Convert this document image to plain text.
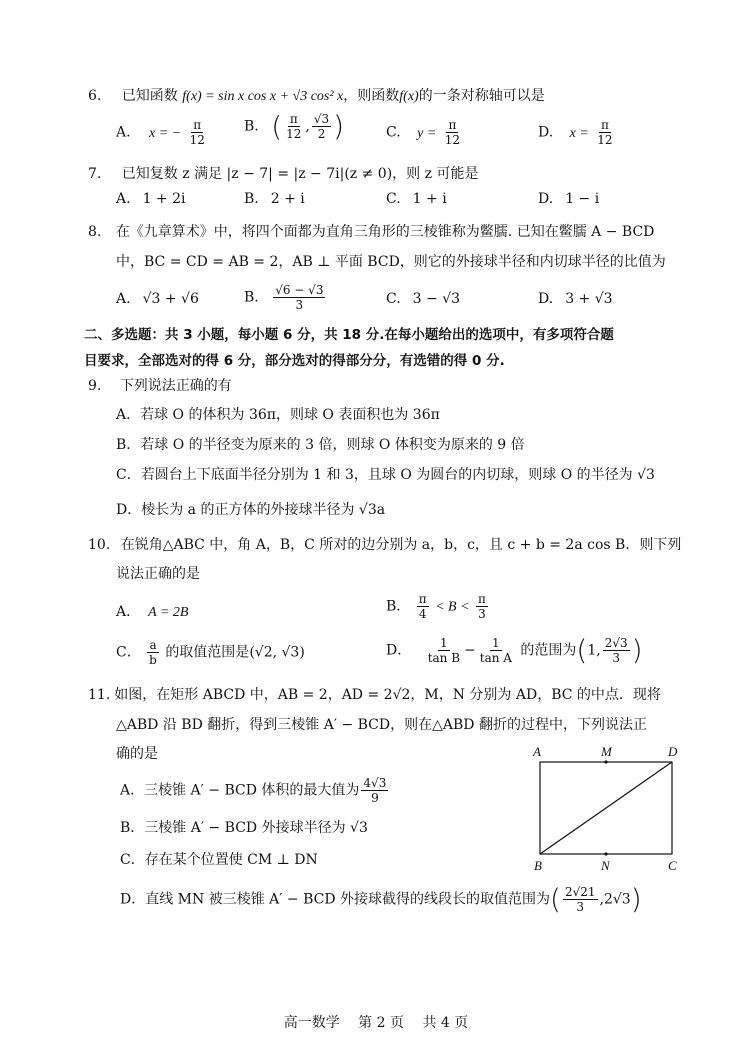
6. 已知函数 f(x) = sin x cos x + √3 cos² x，则函数f(x)的一条对称轴可以是
A. x = − $\frac{\pi}{12}$	B. ( $\frac{\pi}{12}$ , $\frac{√3}{2}$ )	C. $y = \frac{\pi}{12}$	D. $x = \frac{\pi}{12}$
7. 已知复数 z 满足 |z − 7| = |z − 7i|(z ≠ 0)，则 z 可能是
A. 1 + 2i	B. 2 + i	C. 1 + i	D. 1 − i
8. 在《九章算术》中，将四个面都为直角三角形的三棱锥称为鳖臑. 已知在鳖臑 A − BCD
中，BC = CD = AB = 2，AB ⊥ 平面 BCD，则它的外接球半径和内切球半径的比值为
A. √3 + √6	B. $\frac{√6 - √3}{3}$	C. 3 − √3	D. 3 + √3
二、多选题：共 3 小题，每小题 6 分，共 18 分.在每小题给出的选项中，有多项符合题
目要求，全部选对的得 6 分，部分选对的得部分分，有选错的得 0 分.
9. 下列说法正确的有
A．若球 O 的体积为 36π，则球 O 表面积也为 36π
B．若球 O 的半径变为原来的 3 倍，则球 O 体积变为原来的 9 倍
C．若圆台上下底面半径分别为 1 和 3，且球 O 为圆台的内切球，则球 O 的半径为 √3
D．棱长为 a 的正方体的外接球半径为 √3a
10. 在锐角△ABC 中，角 A，B，C 所对的边分别为 a，b，c，且 c + b = 2a cos B．则下列
说法正确的是
A． A = 2B	B． $\frac{\pi}{4} < B < \frac{\pi}{3}$
C． $\frac{a}{b}$ 的取值范围是(√2, √3)	D． $\frac{1}{\text{tan B}} - \frac{1}{\text{tan A}}$ 的范围为(1, $\frac{2√3}{3}$ )
11. 如图，在矩形 ABCD 中，AB = 2，AD = 2√2，M，N 分别为 AD，BC 的中点．现将
△ABD 沿 BD 翻折，得到三棱锥 A′ − BCD，则在△ABD 翻折的过程中，下列说法正
确的是
A．三棱锥 A′ − BCD 体积的最大值为 $\frac{4√3}{9}$
B．三棱锥 A′ − BCD 外接球半径为 √3
C．存在某个位置使 CM ⊥ DN
D．直线 MN 被三棱锥 A′ − BCD 外接球截得的线段长的取值范围为( $\frac{2√21}{3} ,2√3$)
A	M	D
B	N	C
高一数学　 第 2 页　 共 4 页
